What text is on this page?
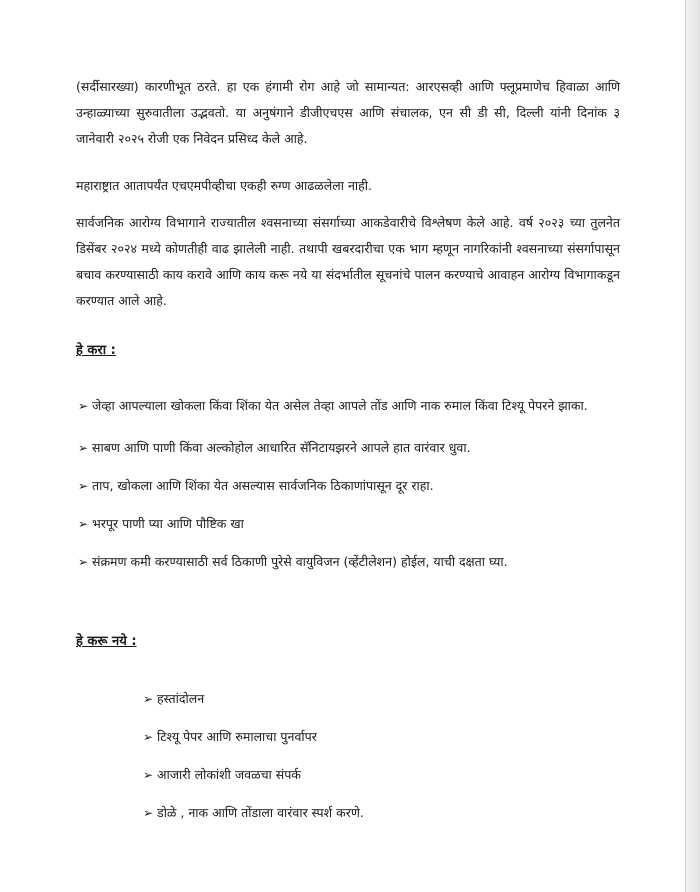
(सर्दीसारख्या) कारणीभूत ठरते. हा एक हंगामी रोग आहे जो सामान्यत: आरएसव्ही आणि फ्लूप्रमाणेच हिवाळा आणि उन्हाळ्याच्या सुरुवातीला उद्भवतो. या अनुषंगाने डीजीएचएस आणि संचालक, एन सी डी सी, दिल्ली यांनी दिनांक ३ जानेवारी २०२५ रोजी एक निवेदन प्रसिध्द केले आहे.

महाराष्ट्रात आतापर्यंत एचएमपीव्हीचा एकही रुग्ण आढळलेला नाही.

सार्वजनिक आरोग्य विभागाने राज्यातील श्वसनाच्या संसर्गाच्या आकडेवारीचे विश्लेषण केले आहे. वर्ष २०२३ च्या तुलनेत डिसेंबर २०२४ मध्ये कोणतीही वाढ झालेली नाही. तथापी खबरदारीचा एक भाग म्हणून नागरिकांनी श्वसनाच्या संसर्गापासून बचाव करण्यासाठी काय करावे आणि काय करू नये या संदर्भातील सूचनांचे पालन करण्याचे आवाहन आरोग्य विभागाकडून करण्यात आले आहे.

हे करा :
➢ जेव्हा आपल्याला खोकला किंवा शिंका येत असेल तेव्हा आपले तोंड आणि नाक रुमाल किंवा टिश्यू पेपरने झाका.
➢ साबण आणि पाणी किंवा अल्कोहोल आधारित सॅनिटायझरने आपले हात वारंवार धुवा.
➢ ताप, खोकला आणि शिंका येत असल्यास सार्वजनिक ठिकाणांपासून दूर राहा.
➢ भरपूर पाणी प्या आणि पौष्टिक खा
➢ संक्रमण कमी करण्यासाठी सर्व ठिकाणी पुरेसे वायुविजन (व्हेंटीलेशन) होईल, याची दक्षता घ्या.
हे करू नये :
➢ हस्तांदोलन
➢ टिश्यू पेपर आणि रुमालाचा पुनर्वापर
➢ आजारी लोकांशी जवळचा संपर्क
➢ डोळे , नाक आणि तोंडाला वारंवार स्पर्श करणे.
